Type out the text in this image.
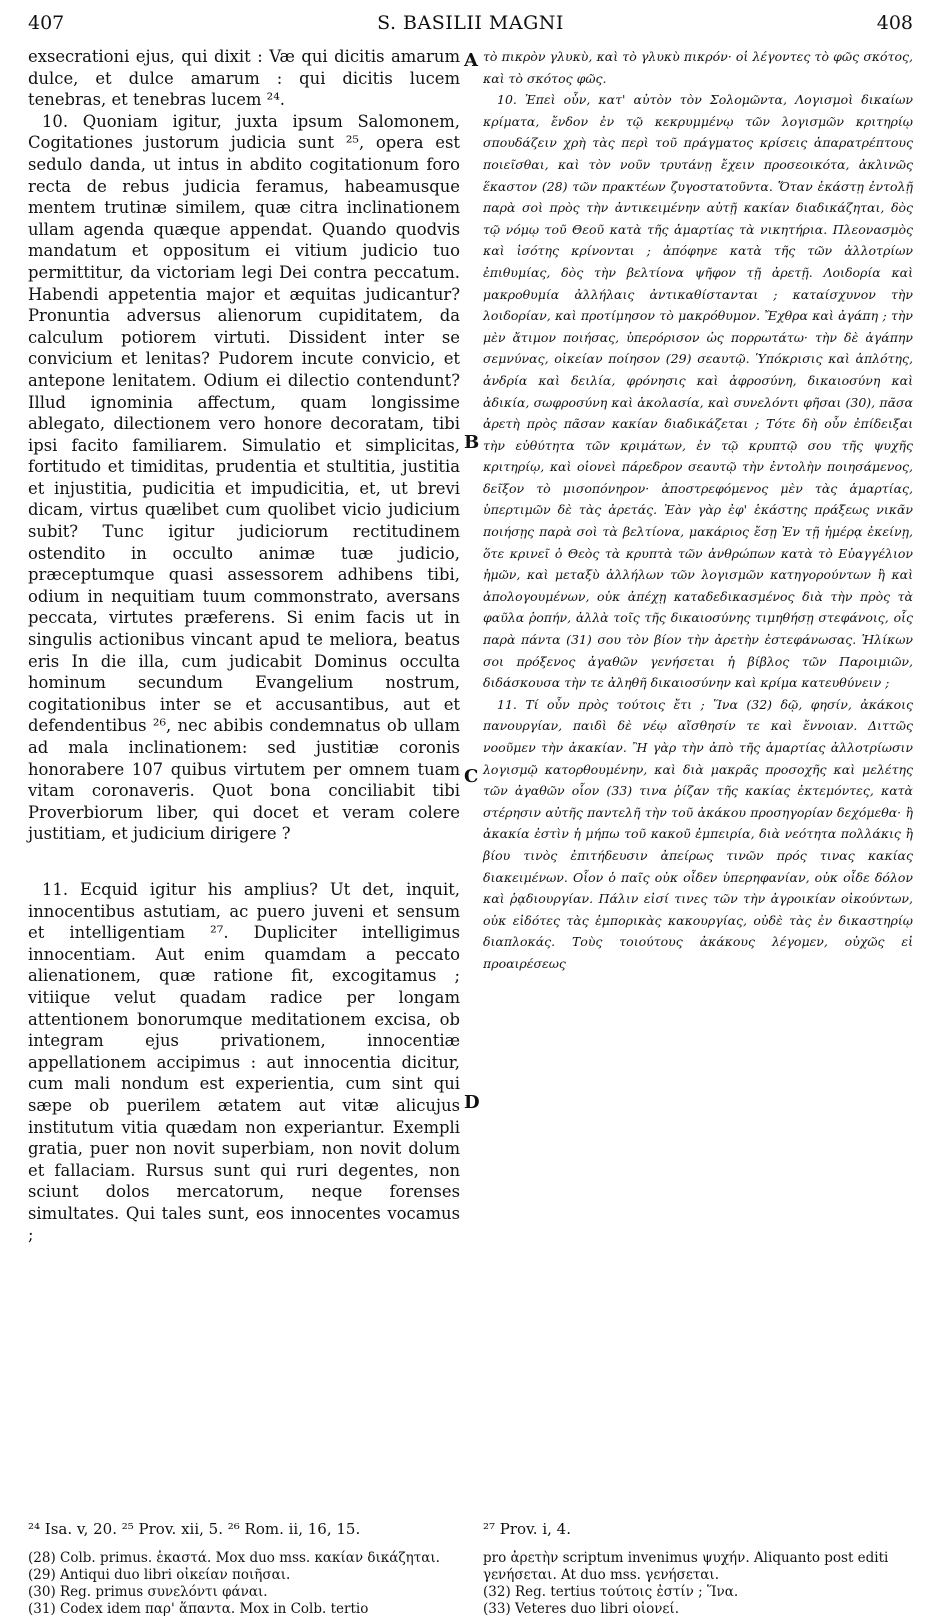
407	S. BASILII MAGNI	408

exsecrationi ejus, qui dixit : Væ qui dicitis amarum dulce, et dulce amarum : qui dicitis lucem tenebras, et tenebras lucem ²⁴.

10. Quoniam igitur, juxta ipsum Salomonem, Cogitationes justorum judicia sunt ²⁵, opera est sedulo danda, ut intus in abdito cogitationum foro recta de rebus judicia feramus, habeamusque mentem trutinæ similem, quæ citra inclinationem ullam agenda quæque appendat. Quando quodvis mandatum et oppositum ei vitium judicio tuo permittitur, da victoriam legi Dei contra peccatum. Habendi appetentia major et æquitas judicantur? Pronuntia adversus alienorum cupiditatem, da calculum potiorem virtuti. Dissident inter se convicium et lenitas? Pudorem incute convicio, et antepone lenitatem. Odium ei dilectio contendunt? Illud ignominia affectum, quam longissime ablegato, dilectionem vero honore decoratam, tibi ipsi facito familiarem. Simulatio et simplicitas, fortitudo et timiditas, prudentia et stultitia, justitia et injustitia, pudicitia et impudicitia, et, ut brevi dicam, virtus quælibet cum quolibet vicio judicium subit? Tunc igitur judiciorum rectitudinem ostendito in occulto animæ tuæ judicio, præceptumque quasi assessorem adhibens tibi, odium in nequitiam tuum commonstrato, aversans peccata, virtutes præferens. Si enim facis ut in singulis actionibus vincant apud te meliora, beatus eris In die illa, cum judicabit Dominus occulta hominum secundum Evangelium nostrum, cogitationibus inter se et accusantibus, aut et defendentibus ²⁶, nec abibis condemnatus ob ullam ad mala inclinationem: sed justitiæ coronis honorabere 107 quibus virtutem per omnem tuam vitam coronaveris. Quot bona conciliabit tibi Proverbiorum liber, qui docet et veram colere justitiam, et judicium dirigere ?

11. Ecquid igitur his amplius? Ut det, inquit, innocentibus astutiam, ac puero juveni et sensum et intelligentiam ²⁷. Dupliciter intelligimus innocentiam. Aut enim quamdam a peccato alienationem, quæ ratione fit, excogitamus ; vitiique velut quadam radice per longam attentionem bonorumque meditationem excisa, ob integram ejus privationem, innocentiæ appellationem accipimus : aut innocentia dicitur, cum mali nondum est experientia, cum sint qui sæpe ob puerilem ætatem aut vitæ alicujus institutum vitia quædam non experiantur. Exempli gratia, puer non novit superbiam, non novit dolum et fallaciam. Rursus sunt qui ruri degentes, non sciunt dolos mercatorum, neque forenses simultates. Qui tales sunt, eos innocentes vocamus ;

A
B
C
D

τὸ πικρὸν γλυκὺ, καὶ τὸ γλυκὺ πικρόν· οἱ λέγοντες τὸ φῶς σκότος, καὶ τὸ σκότος φῶς.

10. Ἐπεὶ οὖν, κατ' αὐτὸν τὸν Σολομῶντα, Λογισμοὶ δικαίων κρίματα, ἔνδον ἐν τῷ κεκρυμμένῳ τῶν λογισμῶν κριτηρίῳ σπουδάζειν χρὴ τὰς περὶ τοῦ πράγματος κρίσεις ἀπαρατρέπτους ποιεῖσθαι, καὶ τὸν νοῦν τρυτάνῃ ἔχειν προσεοικότα, ἀκλινῶς ἕκαστον (28) τῶν πρακτέων ζυγοστατοῦντα. Ὅταν ἑκάστῃ ἐντολῇ παρὰ σοὶ πρὸς τὴν ἀντικειμένην αὐτῇ κακίαν διαδικάζηται, δὸς τῷ νόμῳ τοῦ Θεοῦ κατὰ τῆς ἁμαρτίας τὰ νικητήρια. Πλεονασμὸς καὶ ἰσότης κρίνονται ; ἀπόφηνε κατὰ τῆς τῶν ἀλλοτρίων ἐπιθυμίας, δὸς τὴν βελτίονα ψῆφον τῇ ἀρετῇ. Λοιδορία καὶ μακροθυμία ἀλλήλαις ἀντικαθίστανται ; καταίσχυνον τὴν λοιδορίαν, καὶ προτίμησον τὸ μακρόθυμον. Ἔχθρα καὶ ἀγάπη ; τὴν μὲν ἄτιμον ποιήσας, ὑπερόρισον ὡς πορρωτάτω· τὴν δὲ ἀγάπην σεμνύνας, οἰκείαν ποίησον (29) σεαυτῷ. Ὑπόκρισις καὶ ἁπλότης, ἀνδρία καὶ δειλία, φρόνησις καὶ ἀφροσύνη, δικαιοσύνη καὶ ἀδικία, σωφροσύνη καὶ ἀκολασία, καὶ συνελόντι φῆσαι (30), πᾶσα ἀρετὴ πρὸς πᾶσαν κακίαν διαδικάζεται ; Τότε δὴ οὖν ἐπίδειξαι τὴν εὐθύτητα τῶν κριμάτων, ἐν τῷ κρυπτῷ σου τῆς ψυχῆς κριτηρίῳ, καὶ οἱονεὶ πάρεδρον σεαυτῷ τὴν ἐντολὴν ποιησάμενος, δεῖξον τὸ μισοπόνηρον· ἀποστρεφόμενος μὲν τὰς ἁμαρτίας, ὑπερτιμῶν δὲ τὰς ἀρετάς. Ἐὰν γὰρ ἐφ' ἑκάστης πράξεως νικᾶν ποιήσῃς παρὰ σοὶ τὰ βελτίονα, μακάριος ἔσῃ Ἐν τῇ ἡμέρᾳ ἐκείνῃ, ὅτε κρινεῖ ὁ Θεὸς τὰ κρυπτὰ τῶν ἀνθρώπων κατὰ τὸ Εὐαγγέλιον ἡμῶν, καὶ μεταξὺ ἀλλήλων τῶν λογισμῶν κατηγορούντων ἢ καὶ ἀπολογουμένων, οὐκ ἀπέχῃ καταδεδικασμένος διὰ τὴν πρὸς τὰ φαῦλα ῥοπήν, ἀλλὰ τοῖς τῆς δικαιοσύνης τιμηθήσῃ στεφάνοις, οἷς παρὰ πάντα (31) σου τὸν βίον τὴν ἀρετὴν ἐστεφάνωσας. Ἡλίκων σοι πρόξενος ἀγαθῶν γενήσεται ἡ βίβλος τῶν Παροιμιῶν, διδάσκουσα τὴν τε ἀληθῆ δικαιοσύνην καὶ κρίμα κατευθύνειν ;

11. Τί οὖν πρὸς τούτοις ἔτι ; Ἵνα (32) δῷ, φησίν, ἀκάκοις πανουργίαν, παιδὶ δὲ νέῳ αἴσθησίν τε καὶ ἔννοιαν. Διττῶς νοοῦμεν τὴν ἀκακίαν. Ἢ γὰρ τὴν ἀπὸ τῆς ἁμαρτίας ἀλλοτρίωσιν λογισμῷ κατορθουμένην, καὶ διὰ μακρᾶς προσοχῆς καὶ μελέτης τῶν ἀγαθῶν οἷον (33) τινα ῥίζαν τῆς κακίας ἐκτεμόντες, κατὰ στέρησιν αὐτῆς παντελῆ τὴν τοῦ ἀκάκου προσηγορίαν δεχόμεθα· ἢ ἀκακία ἐστὶν ἡ μήπω τοῦ κακοῦ ἐμπειρία, διὰ νεότητα πολλάκις ἢ βίου τινὸς ἐπιτήδευσιν ἀπείρως τινῶν πρός τινας κακίας διακειμένων. Οἷον ὁ παῖς οὐκ οἶδεν ὑπερηφανίαν, οὐκ οἶδε δόλον καὶ ῥᾳδιουργίαν. Πάλιν εἰσί τινες τῶν τὴν ἀγροικίαν οἰκούντων, οὐκ εἰδότες τὰς ἐμπορικὰς κακουργίας, οὐδὲ τὰς ἐν δικαστηρίῳ διαπλοκάς. Τοὺς τοιούτους ἀκάκους λέγομεν, οὐχῶς εἰ προαιρέσεως

²⁴ Isa. v, 20. ²⁵ Prov. xii, 5. ²⁶ Rom. ii, 16, 15.	²⁷ Prov. i, 4.
(28) Colb. primus. ἑκαστά. Mox duo mss. κακίαν δικάζηται.
(29) Antiqui duo libri οἰκείαν ποιῆσαι.
(30) Reg. primus συνελόντι φάναι.
(31) Codex idem παρ' ἅπαντα. Mox in Colb. tertio
pro ἀρετὴν scriptum invenimus ψυχήν. Aliquanto post editi γενήσεται. At duo mss. γενήσεται.
(32) Reg. tertius τούτοις ἐστίν ; Ἵνα.
(33) Veteres duo libri οἱονεί.
